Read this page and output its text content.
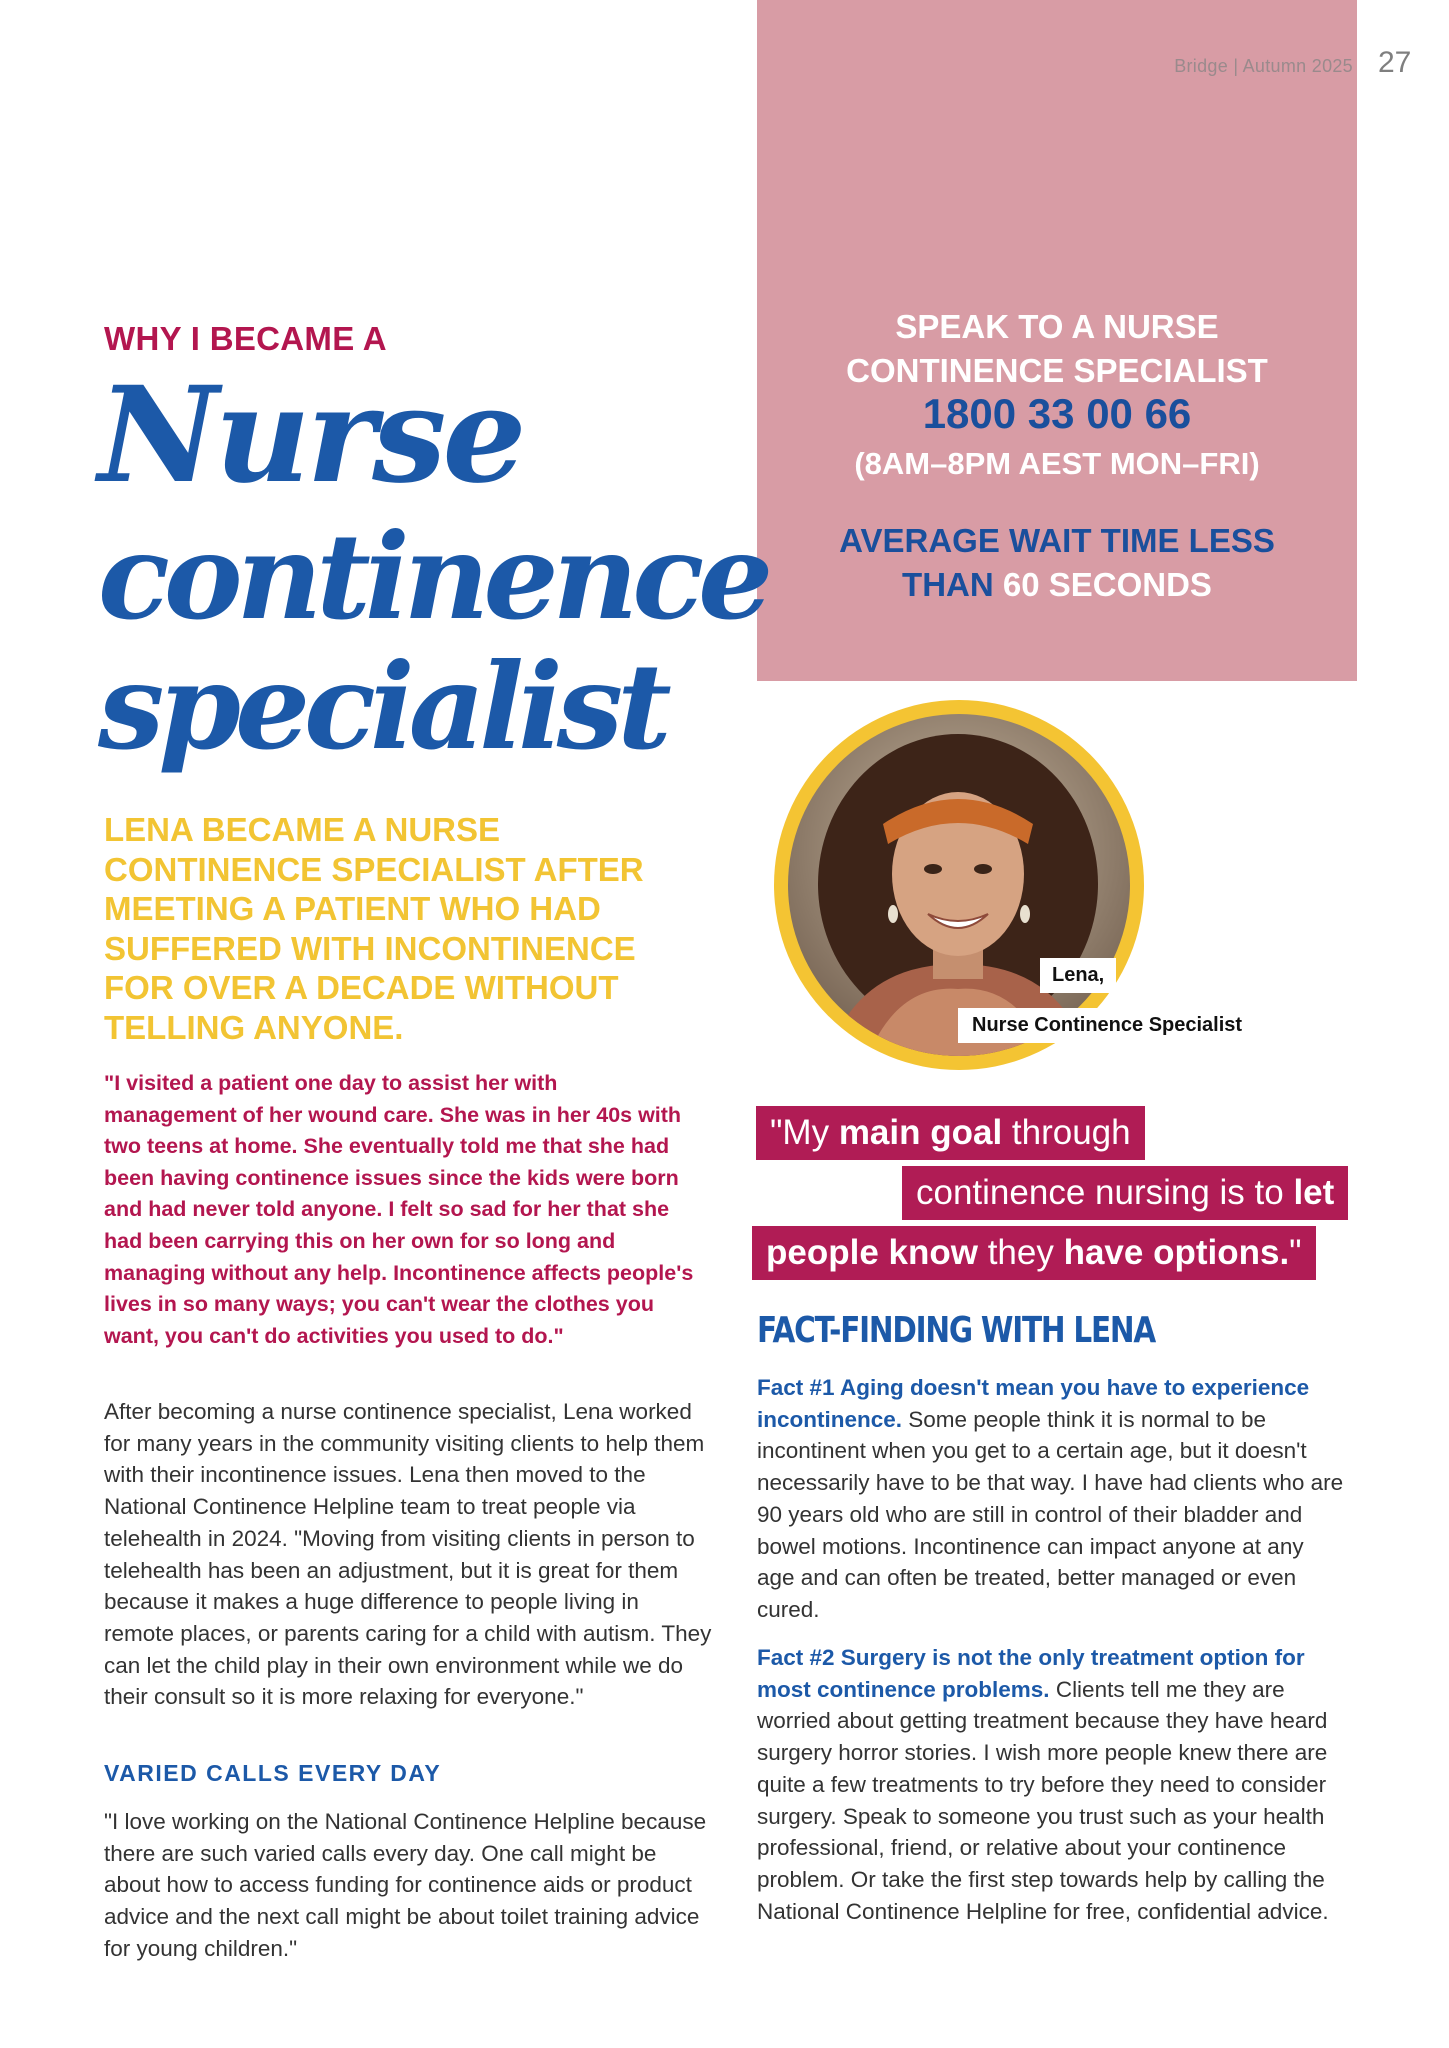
Bridge | Autumn 2025 27
SPEAK TO A NURSE
CONTINENCE SPECIALIST
1800 33 00 66
(8AM–8PM AEST MON–FRI)
AVERAGE WAIT TIME LESS
THAN 60 SECONDS
WHY I BECAME A
Nurse
continence
specialist
LENA BECAME A NURSE CONTINENCE SPECIALIST AFTER MEETING A PATIENT WHO HAD SUFFERED WITH INCONTINENCE FOR OVER A DECADE WITHOUT TELLING ANYONE.
"I visited a patient one day to assist her with management of her wound care. She was in her 40s with two teens at home. She eventually told me that she had been having continence issues since the kids were born and had never told anyone. I felt so sad for her that she had been carrying this on her own for so long and managing without any help. Incontinence affects people's lives in so many ways; you can't wear the clothes you want, you can't do activities you used to do."
After becoming a nurse continence specialist, Lena worked for many years in the community visiting clients to help them with their incontinence issues. Lena then moved to the National Continence Helpline team to treat people via telehealth in 2024. "Moving from visiting clients in person to telehealth has been an adjustment, but it is great for them because it makes a huge difference to people living in remote places, or parents caring for a child with autism. They can let the child play in their own environment while we do their consult so it is more relaxing for everyone."
VARIED CALLS EVERY DAY
"I love working on the National Continence Helpline because there are such varied calls every day. One call might be about how to access funding for continence aids or product advice and the next call might be about toilet training advice for young children."
Lena,
Nurse Continence Specialist
"My main goal through
continence nursing is to let
people know they have options."
FACT-FINDING WITH LENA
Fact #1 Aging doesn't mean you have to experience incontinence. Some people think it is normal to be incontinent when you get to a certain age, but it doesn't necessarily have to be that way. I have had clients who are 90 years old who are still in control of their bladder and bowel motions. Incontinence can impact anyone at any age and can often be treated, better managed or even cured.
Fact #2 Surgery is not the only treatment option for most continence problems. Clients tell me they are worried about getting treatment because they have heard surgery horror stories. I wish more people knew there are quite a few treatments to try before they need to consider surgery. Speak to someone you trust such as your health professional, friend, or relative about your continence problem. Or take the first step towards help by calling the National Continence Helpline for free, confidential advice.
